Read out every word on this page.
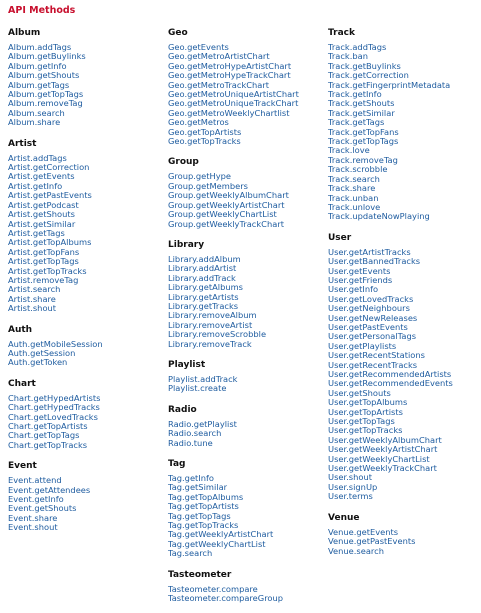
API Methods
Album
Album.addTags
Album.getBuylinks
Album.getInfo
Album.getShouts
Album.getTags
Album.getTopTags
Album.removeTag
Album.search
Album.share
Artist
Artist.addTags
Artist.getCorrection
Artist.getEvents
Artist.getInfo
Artist.getPastEvents
Artist.getPodcast
Artist.getShouts
Artist.getSimilar
Artist.getTags
Artist.getTopAlbums
Artist.getTopFans
Artist.getTopTags
Artist.getTopTracks
Artist.removeTag
Artist.search
Artist.share
Artist.shout
Auth
Auth.getMobileSession
Auth.getSession
Auth.getToken
Chart
Chart.getHypedArtists
Chart.getHypedTracks
Chart.getLovedTracks
Chart.getTopArtists
Chart.getTopTags
Chart.getTopTracks
Event
Event.attend
Event.getAttendees
Event.getInfo
Event.getShouts
Event.share
Event.shout
Geo
Geo.getEvents
Geo.getMetroArtistChart
Geo.getMetroHypeArtistChart
Geo.getMetroHypeTrackChart
Geo.getMetroTrackChart
Geo.getMetroUniqueArtistChart
Geo.getMetroUniqueTrackChart
Geo.getMetroWeeklyChartlist
Geo.getMetros
Geo.getTopArtists
Geo.getTopTracks
Group
Group.getHype
Group.getMembers
Group.getWeeklyAlbumChart
Group.getWeeklyArtistChart
Group.getWeeklyChartList
Group.getWeeklyTrackChart
Library
Library.addAlbum
Library.addArtist
Library.addTrack
Library.getAlbums
Library.getArtists
Library.getTracks
Library.removeAlbum
Library.removeArtist
Library.removeScrobble
Library.removeTrack
Playlist
Playlist.addTrack
Playlist.create
Radio
Radio.getPlaylist
Radio.search
Radio.tune
Tag
Tag.getInfo
Tag.getSimilar
Tag.getTopAlbums
Tag.getTopArtists
Tag.getTopTags
Tag.getTopTracks
Tag.getWeeklyArtistChart
Tag.getWeeklyChartList
Tag.search
Tasteometer
Tasteometer.compare
Tasteometer.compareGroup
Track
Track.addTags
Track.ban
Track.getBuylinks
Track.getCorrection
Track.getFingerprintMetadata
Track.getInfo
Track.getShouts
Track.getSimilar
Track.getTags
Track.getTopFans
Track.getTopTags
Track.love
Track.removeTag
Track.scrobble
Track.search
Track.share
Track.unban
Track.unlove
Track.updateNowPlaying
User
User.getArtistTracks
User.getBannedTracks
User.getEvents
User.getFriends
User.getInfo
User.getLovedTracks
User.getNeighbours
User.getNewReleases
User.getPastEvents
User.getPersonalTags
User.getPlaylists
User.getRecentStations
User.getRecentTracks
User.getRecommendedArtists
User.getRecommendedEvents
User.getShouts
User.getTopAlbums
User.getTopArtists
User.getTopTags
User.getTopTracks
User.getWeeklyAlbumChart
User.getWeeklyArtistChart
User.getWeeklyChartList
User.getWeeklyTrackChart
User.shout
User.signUp
User.terms
Venue
Venue.getEvents
Venue.getPastEvents
Venue.search
